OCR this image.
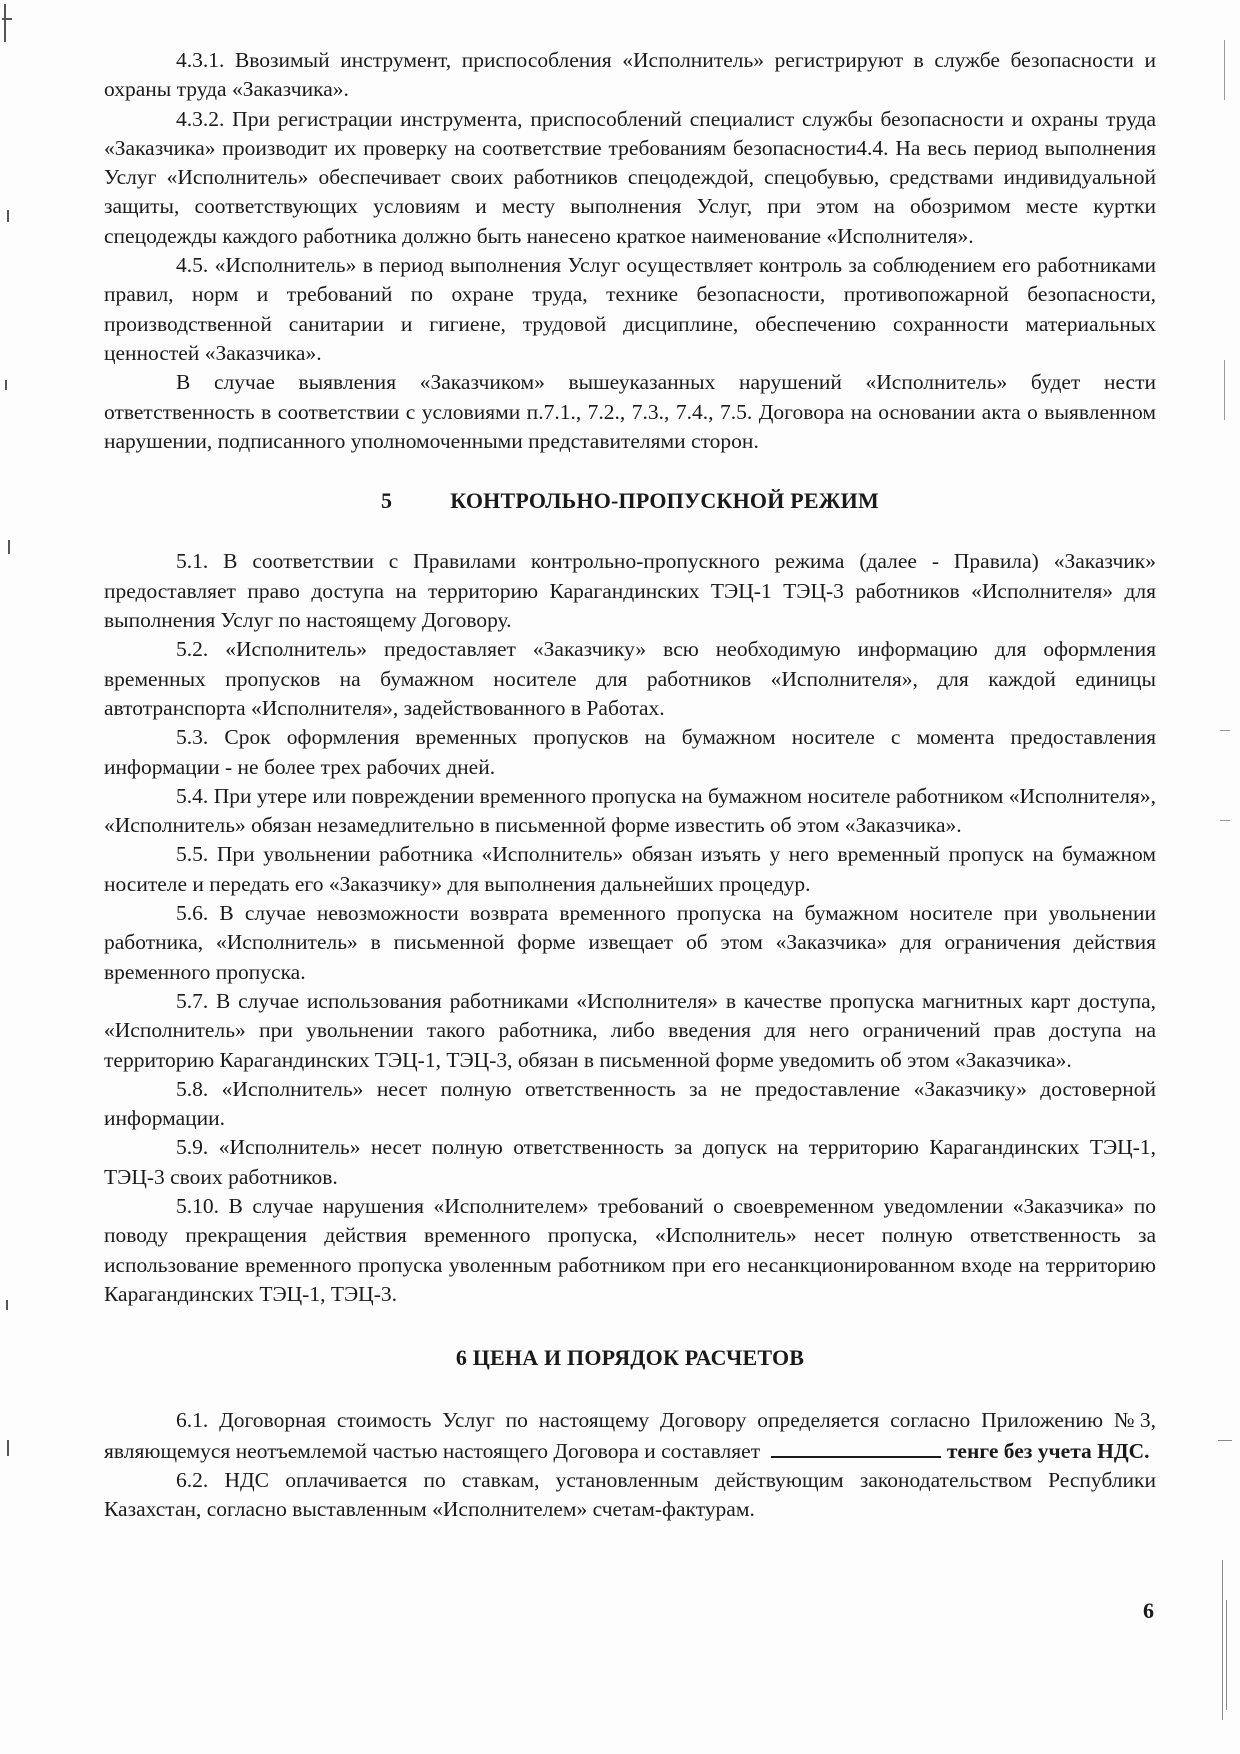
4.3.1. Ввозимый инструмент, приспособления «Исполнитель» регистрируют в службе безопасности и охраны труда «Заказчика».

4.3.2. При регистрации инструмента, приспособлений специалист службы безопасности и охраны труда «Заказчика» производит их проверку на соответствие требованиям безопасности4.4. На весь период выполнения Услуг «Исполнитель» обеспечивает своих работников спецодеждой, спецобувью, средствами индивидуальной защиты, соответствующих условиям и месту выполнения Услуг, при этом на обозримом месте куртки спецодежды каждого работника должно быть нанесено краткое наименование «Исполнителя».

4.5. «Исполнитель» в период выполнения Услуг осуществляет контроль за соблюдением его работниками правил, норм и требований по охране труда, технике безопасности, противопожарной безопасности, производственной санитарии и гигиене, трудовой дисциплине, обеспечению сохранности материальных ценностей «Заказчика».

В случае выявления «Заказчиком» вышеуказанных нарушений «Исполнитель» будет нести ответственность в соответствии с условиями п.7.1., 7.2., 7.3., 7.4., 7.5. Договора на основании акта о выявленном нарушении, подписанного уполномоченными представителями сторон.

5	КОНТРОЛЬНО-ПРОПУСКНОЙ РЕЖИМ

5.1. В соответствии с Правилами контрольно-пропускного режима (далее - Правила) «Заказчик» предоставляет право доступа на территорию Карагандинских ТЭЦ-1 ТЭЦ-3 работников «Исполнителя» для выполнения Услуг по настоящему Договору.

5.2. «Исполнитель» предоставляет «Заказчику» всю необходимую информацию для оформления временных пропусков на бумажном носителе для работников «Исполнителя», для каждой единицы автотранспорта «Исполнителя», задействованного в Работах.

5.3. Срок оформления временных пропусков на бумажном носителе с момента предоставления информации - не более трех рабочих дней.

5.4. При утере или повреждении временного пропуска на бумажном носителе работником «Исполнителя», «Исполнитель» обязан незамедлительно в письменной форме известить об этом «Заказчика».

5.5. При увольнении работника «Исполнитель» обязан изъять у него временный пропуск на бумажном носителе и передать его «Заказчику» для выполнения дальнейших процедур.

5.6. В случае невозможности возврата временного пропуска на бумажном носителе при увольнении работника, «Исполнитель» в письменной форме извещает об этом «Заказчика» для ограничения действия временного пропуска.

5.7. В случае использования работниками «Исполнителя» в качестве пропуска магнитных карт доступа, «Исполнитель» при увольнении такого работника, либо введения для него ограничений прав доступа на территорию Карагандинских ТЭЦ-1, ТЭЦ-3, обязан в письменной форме уведомить об этом «Заказчика».

5.8. «Исполнитель» несет полную ответственность за не предоставление «Заказчику» достоверной информации.

5.9. «Исполнитель» несет полную ответственность за допуск на территорию Карагандинских ТЭЦ-1, ТЭЦ-3 своих работников.

5.10. В случае нарушения «Исполнителем» требований о своевременном уведомлении «Заказчика» по поводу прекращения действия временного пропуска, «Исполнитель» несет полную ответственность за использование временного пропуска уволенным работником при его несанкционированном входе на территорию Карагандинских ТЭЦ-1, ТЭЦ-3.

6 ЦЕНА И ПОРЯДОК РАСЧЕТОВ

6.1. Договорная стоимость Услуг по настоящему Договору определяется согласно Приложению №3, являющемуся неотъемлемой частью настоящего Договора и составляет	тенге без учета НДС.

6.2. НДС оплачивается по ставкам, установленным действующим законодательством Республики Казахстан, согласно выставленным «Исполнителем» счетам-фактурам.

6
